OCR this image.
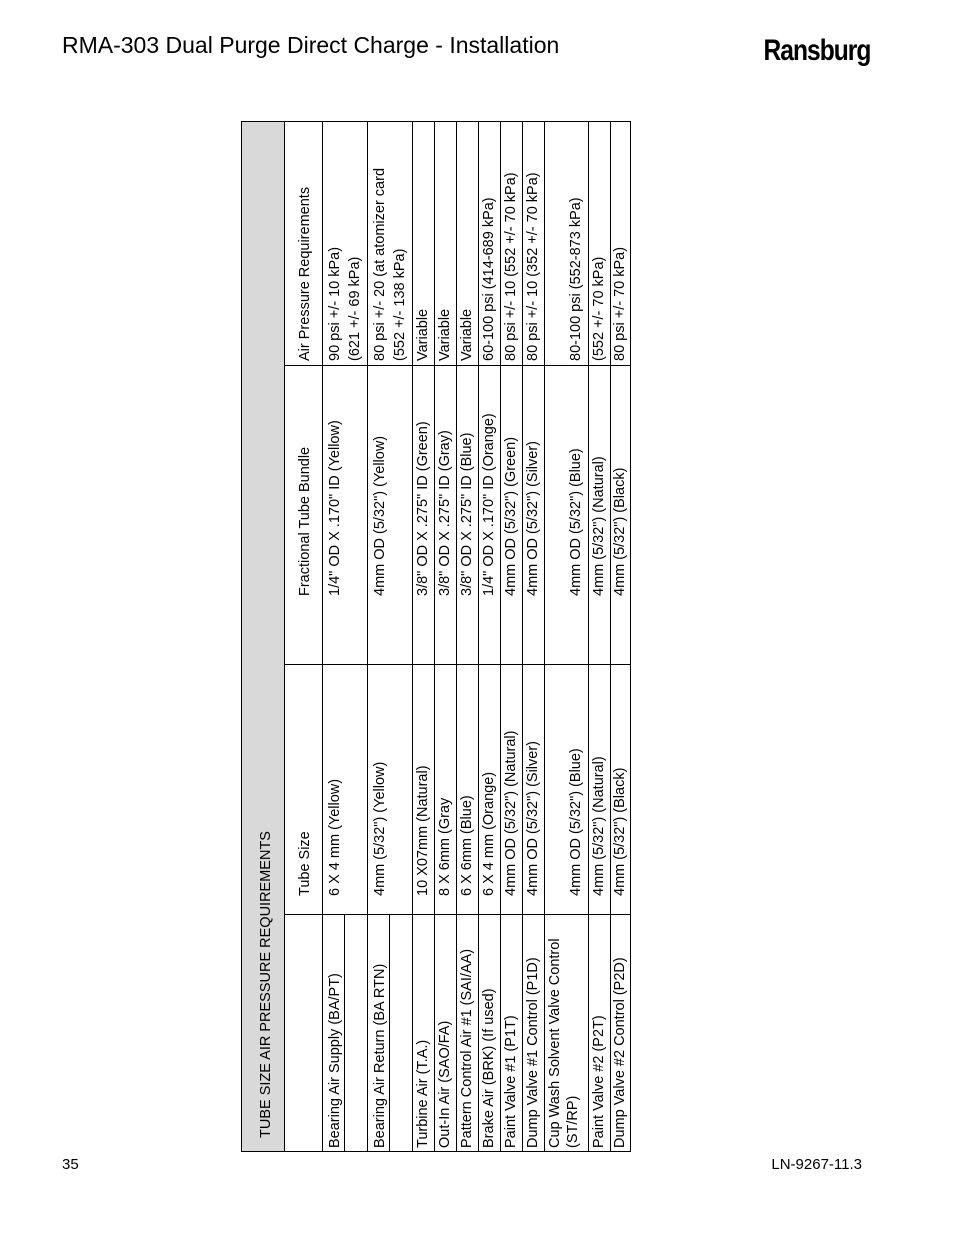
RMA-303 Dual Purge Direct Charge - Installation	Ransburg
TUBE SIZE AIR PRESSURE REQUIREMENTS Tube Size
Fractional Tube Bundle
Air Pressure Requirements
Bearing Air Supply (BA/PT)
6 X 4 mm (Yellow)
1/4" OD X .170" ID (Yellow)
90 psi +/- 10 kPa) (621 +/- 69 kPa)
Bearing Air Return (BA RTN)
4mm (5/32") (Yellow)
4mm OD (5/32") (Yellow)
80 psi +/- 20 (at atomizer card (552 +/- 138 kPa)
Turbine Air (T.A.)
10 X07mm (Natural)
3/8" OD X .275" ID (Green)
Variable
Out-In Air (SAO/FA)
8 X 6mm (Gray
3/8" OD X .275" ID (Gray)
Variable
Pattern Control Air #1 (SAI/AA)
6 X 6mm (Blue)
3/8" OD X .275" ID (Blue)
Variable
Brake Air (BRK) (If used)
6 X 4 mm (Orange)
1/4" OD X .170" ID (Orange)
60-100 psi (414-689 kPa)
Paint Valve #1 (P1T)
4mm OD (5/32") (Natural)
4mm OD (5/32") (Green)
80 psi +/- 10 (552 +/- 70 kPa)
Dump Valve #1 Control (P1D)
4mm OD (5/32") (Silver)
4mm OD (5/32") (Silver)
80 psi +/- 10 (352 +/- 70 kPa)
Cup Wash Solvent Valve Control (ST/RP)
4mm OD (5/32") (Blue)
4mm OD (5/32") (Blue)
80-100 psi (552-873 kPa)
Paint Valve #2 (P2T)
4mm (5/32") (Natural)
4mm (5/32") (Natural)
(552 +/- 70 kPa)
Dump Valve #2 Control (P2D)
4mm (5/32") (Black)
4mm (5/32") (Black)
80 psi +/- 70 kPa)
35	LN-9267-11.3
